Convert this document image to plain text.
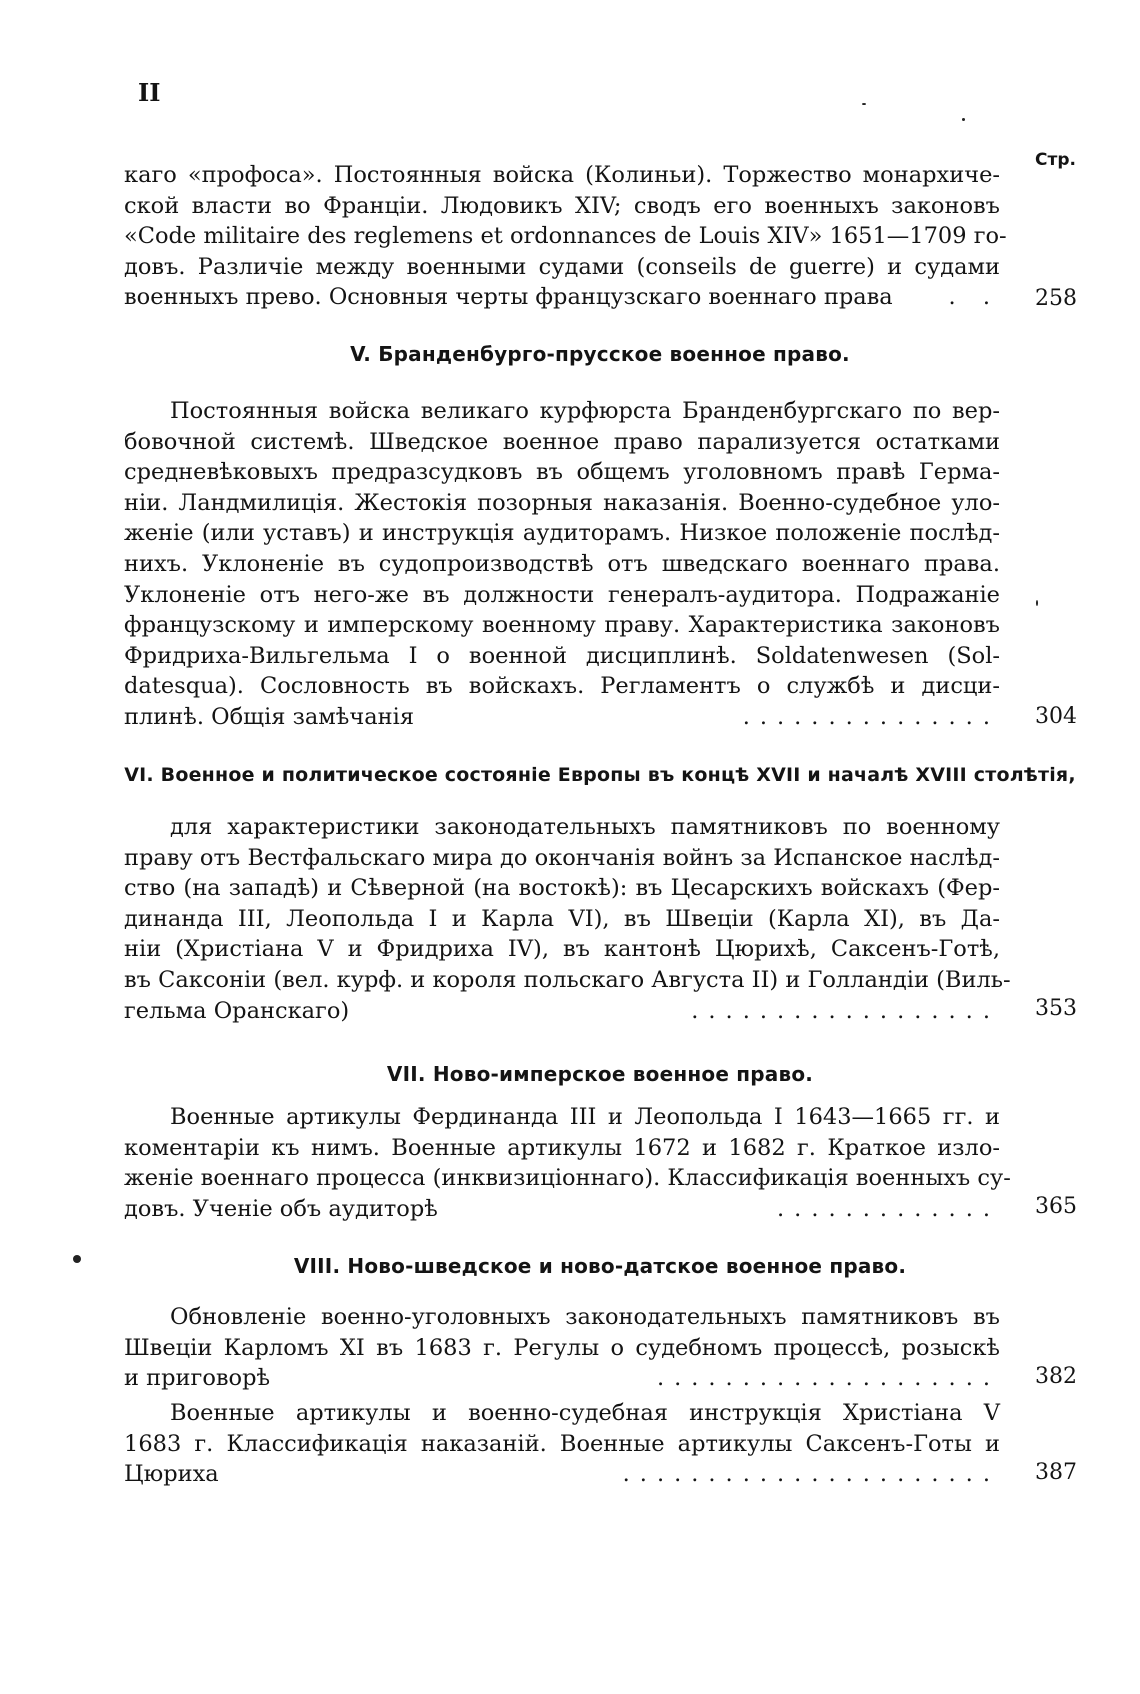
II
Стр.
каго «профоса». Постоянныя войска (Колиньи). Торжество монархиче-
ской власти во Франціи. Людовикъ XIV; сводъ его военныхъ законовъ
«Code militaire des reglemens et ordonnances de Louis XIV» 1651—1709 го-
довъ. Различіе между военными судами (conseils de guerre) и судами
военныхъ прево. Основныя черты французскаго военнаго права . . 258
V. Бранденбурго-прусское военное право.
Постоянныя войска великаго курфюрста Бранденбургскаго по вер-
бовочной системѣ. Шведское военное право парализуется остатками
средневѣковыхъ предразсудковъ въ общемъ уголовномъ правѣ Герма-
ніи. Ландмилиція. Жестокія позорныя наказанія. Военно-судебное уло-
женіе (или уставъ) и инструкція аудиторамъ. Низкое положеніе послѣд-
нихъ. Уклоненіе въ судопроизводствѣ отъ шведскаго военнаго права.
Уклоненіе отъ него-же въ должности генералъ-аудитора. Подражаніе
французскому и имперскому военному праву. Характеристика законовъ
Фридриха-Вильгельма I о военной дисциплинѣ. Soldatenwesen (Sol-
datesqua). Сословность въ войскахъ. Регламентъ о службѣ и дисци-
плинѣ. Общія замѣчанія	............... 304
VI. Военное и политическое состояніе Европы въ концѣ XVII и началѣ XVIII столѣтія,
для характеристики законодательныхъ памятниковъ по военному
праву отъ Вестфальскаго мира до окончанія войнъ за Испанское наслѣд-
ство (на западѣ) и Сѣверной (на востокѣ): въ Цесарскихъ войскахъ (Фер-
динанда III, Леопольда I и Карла VI), въ Швеціи (Карла XI), въ Да-
ніи (Христіана V и Фридриха IV), въ кантонѣ Цюрихѣ, Саксенъ-Готѣ,
въ Саксоніи (вел. курф. и короля польскаго Августа II) и Голландіи (Виль-
гельма Оранскаго)	.................. 353
VII. Ново-имперское военное право.
Военные артикулы Фердинанда III и Леопольда I 1643—1665 гг. и
коментаріи къ нимъ. Военные артикулы 1672 и 1682 г. Краткое изло-
женіе военнаго процесса (инквизиціоннаго). Классификація военныхъ су-
довъ. Ученіе объ аудиторѣ	............. 365
VIII. Ново-шведское и ново-датское военное право.
Обновленіе военно-уголовныхъ законодательныхъ памятниковъ въ
Швеціи Карломъ XI въ 1683 г. Регулы о судебномъ процессѣ, розыскѣ
и приговорѣ	.................... 382
Военные артикулы и военно-судебная инструкція Христіана V
1683 г. Классификація наказаній. Военные артикулы Саксенъ-Готы и
Цюриха	...................... 387
